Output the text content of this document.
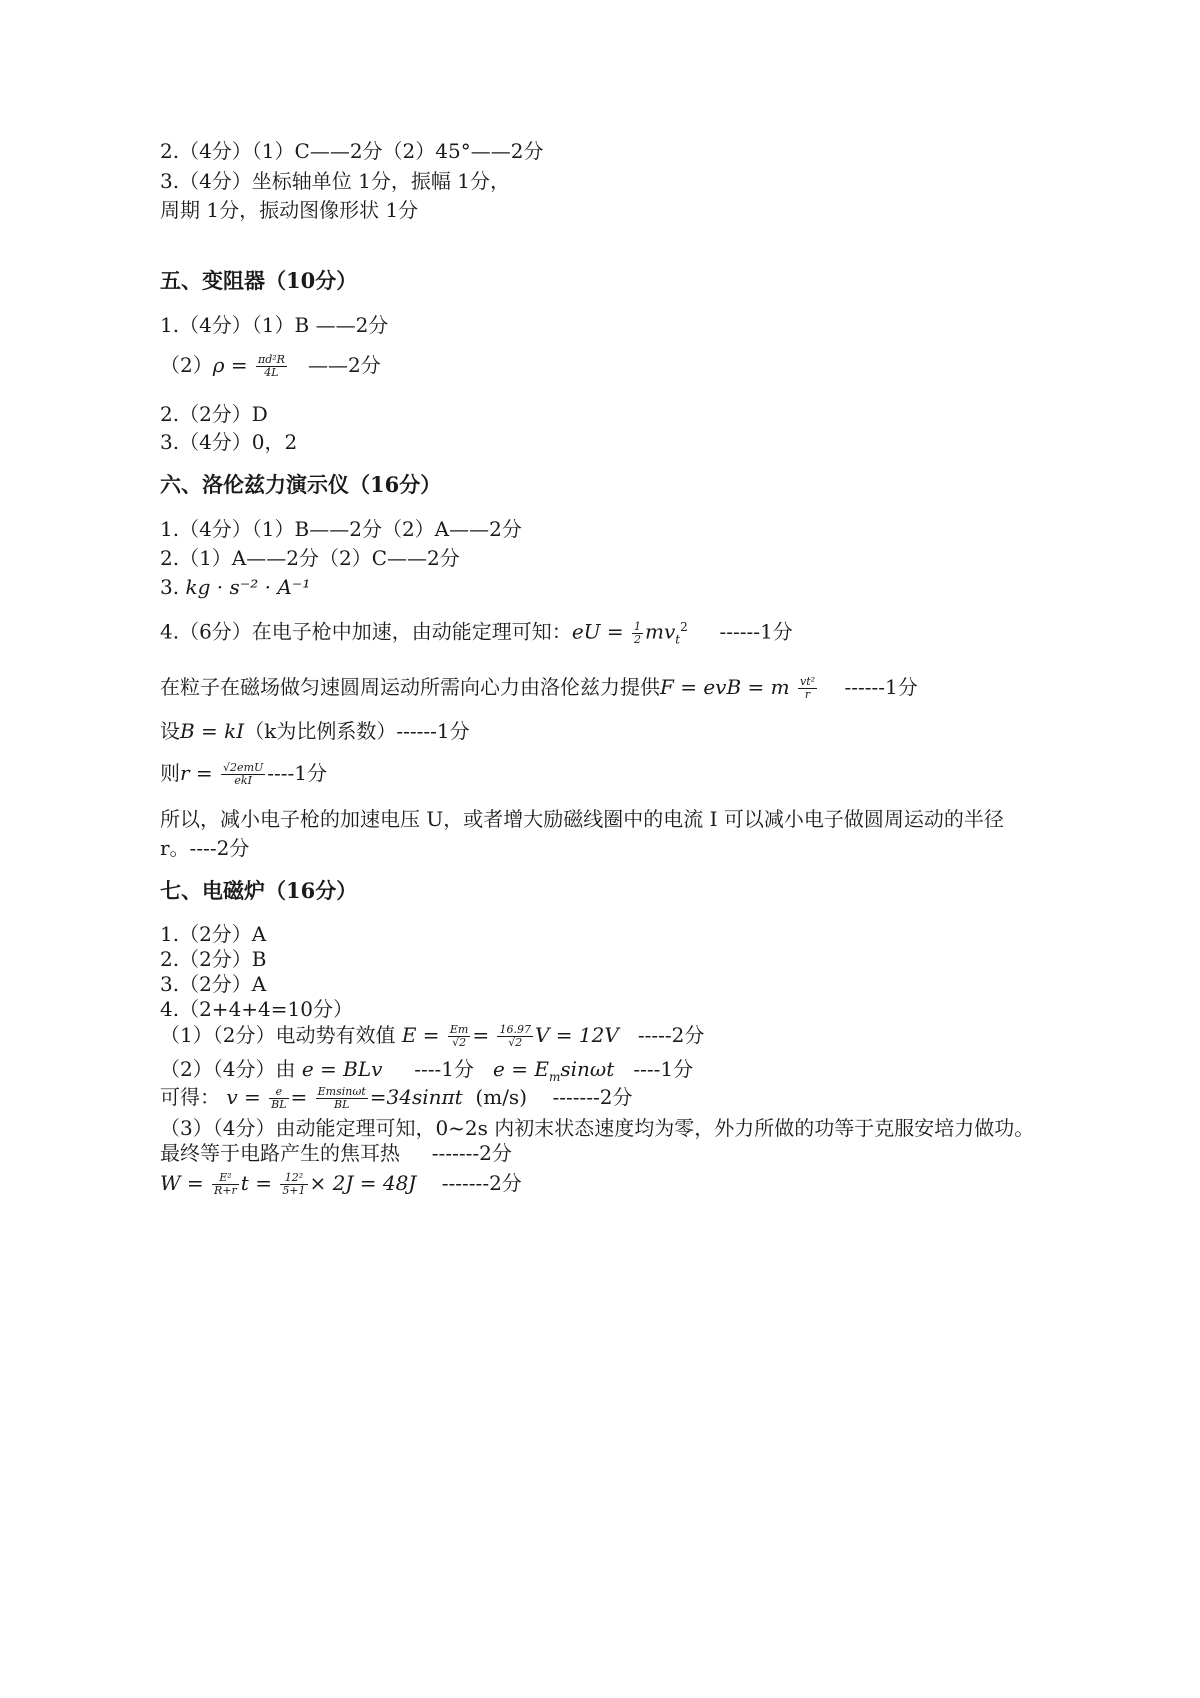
2.（4分）（1）C——2分（2）45°——2分
3.（4分）坐标轴单位 1分，振幅 1分，
周期 1分，振动图像形状 1分
五、变阻器（10分）
1.（4分）（1）B ——2分
$(2)\rho = \frac{\text{πd²R}}{4L}$ ——2分
2.（2分）D
3.（4分）0，2
六、洛伦兹力演示仪（16分）
1.（4分）（1）B——2分（2）A——2分
2.（1）A——2分（2）C——2分
3. kg · s⁻² · A⁻¹
4.（6分）在电子枪中加速，由动能定理可知：eU = $\frac{1}{2} mv_t^2$ ------1分
在粒子在磁场做匀速圆周运动所需向心力由洛伦兹力提供F = evB = m $\frac{\text{vt²}}{r} ------1$分
设B = kI（k为比例系数）------1分
则$r = \frac{\text{√2emU}}{\text{ekI}} ----1$分
所以，减小电子枪的加速电压 U，或者增大励磁线圈中的电流 I 可以减小电子做圆周运动的半径
r。----2分
七、电磁炉（16分）
1.（2分）A
2.（2分）B
3.（2分）A
4.（2+4+4=10分）
（1）（2分）电动势有效值 $E = \frac{Em}{√2} = \frac{16.97}{√2}$ V = 12V -----2分
（2）（4分）由 e = BLv ----1分 $e = E_m\sin\omega t$ ----1分
可得： $v = \frac{e}{BL} = \frac{Emsin\omega t}{BL} =34\sin\pi t$ (m/s) -------2分
（3）（4分）由动能定理可知，0~2s 内初末状态速度均为零，外力所做的功等于克服安培力做功。
最终等于电路产生的焦耳热 -------2分
$W = \frac{\text{E²}}{R+r}$ $t = \frac{\text{12²}}{5+1} \times 2J = 48J$ -------2分
